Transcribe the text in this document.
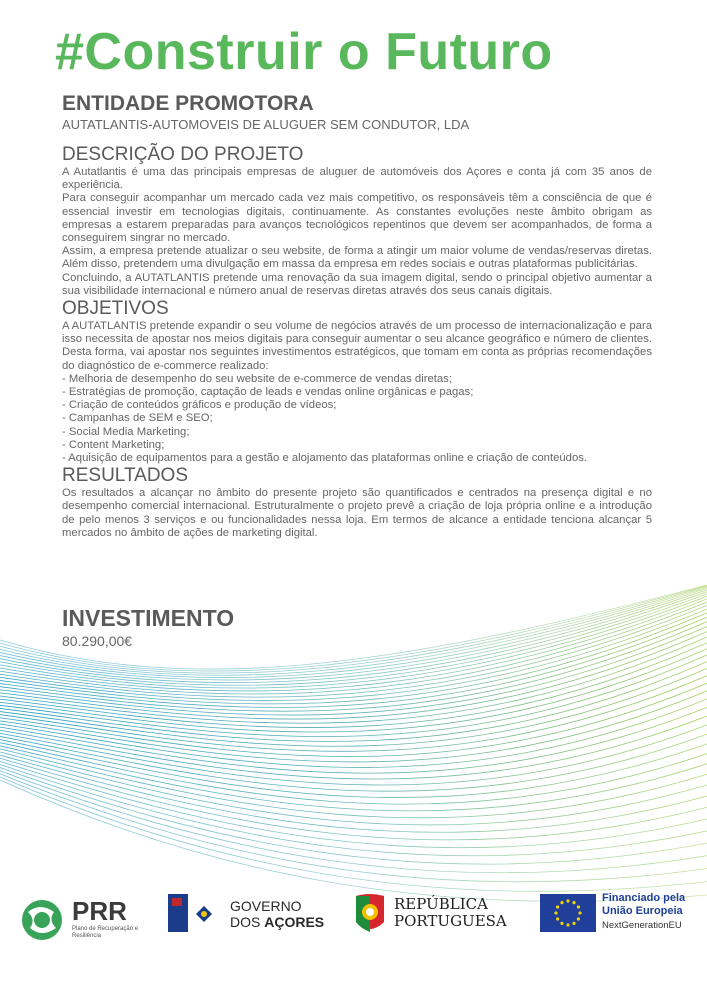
#Construir o Futuro
ENTIDADE PROMOTORA
AUTATLANTIS-AUTOMOVEIS DE ALUGUER SEM CONDUTOR, LDA
DESCRIÇÃO DO PROJETO

A Autatlantis é uma das principais empresas de aluguer de automóveis dos Açores e conta já com 35 anos de experiência.

Para conseguir acompanhar um mercado cada vez mais competitivo, os responsáveis têm a consciência de que é essencial investir em tecnologias digitais, continuamente. As constantes evoluções neste âmbito obrigam as empresas a estarem preparadas para avanços tecnológicos repentinos que devem ser acompanhados, de forma a conseguirem singrar no mercado.

Assim, a empresa pretende atualizar o seu website, de forma a atingir um maior volume de vendas/reservas diretas. Além disso, pretendem uma divulgação em massa da empresa em redes sociais e outras plataformas publicitárias.

Concluindo, a AUTATLANTIS pretende uma renovação da sua imagem digital, sendo o principal objetivo aumentar a sua visibilidade internacional e número anual de reservas diretas através dos seus canais digitais.

OBJETIVOS

A AUTATLANTIS pretende expandir o seu volume de negócios através de um processo de internacionalização e para isso necessita de apostar nos meios digitais para conseguir aumentar o seu alcance geográfico e número de clientes. Desta forma, vai apostar nos seguintes investimentos estratégicos, que tomam em conta as próprias recomendações do diagnóstico de e-commerce realizado:

- Melhoria de desempenho do seu website de e-commerce de vendas diretas;
- Estratégias de promoção, captação de leads e vendas online orgânicas e pagas;
- Criação de conteúdos gráficos e produção de vídeos;
- Campanhas de SEM e SEO;
- Social Media Marketing;
- Content Marketing;
- Aquisição de equipamentos para a gestão e alojamento das plataformas online e criação de conteúdos.
RESULTADOS

Os resultados a alcançar no âmbito do presente projeto são quantificados e centrados na presença digital e no desempenho comercial internacional. Estruturalmente o projeto prevê a criação de loja própria online e a introdução de pelo menos 3 serviços e ou funcionalidades nessa loja. Em termos de alcance a entidade tenciona alcançar 5 mercados no âmbito de ações de marketing digital.

INVESTIMENTO
80.290,00€
PRR
Plano de Recuperação e Resiliência
GOVERNO
DOS AÇORES
REPÚBLICA
PORTUGUESA
Financiado pela
União Europeia
NextGenerationEU
